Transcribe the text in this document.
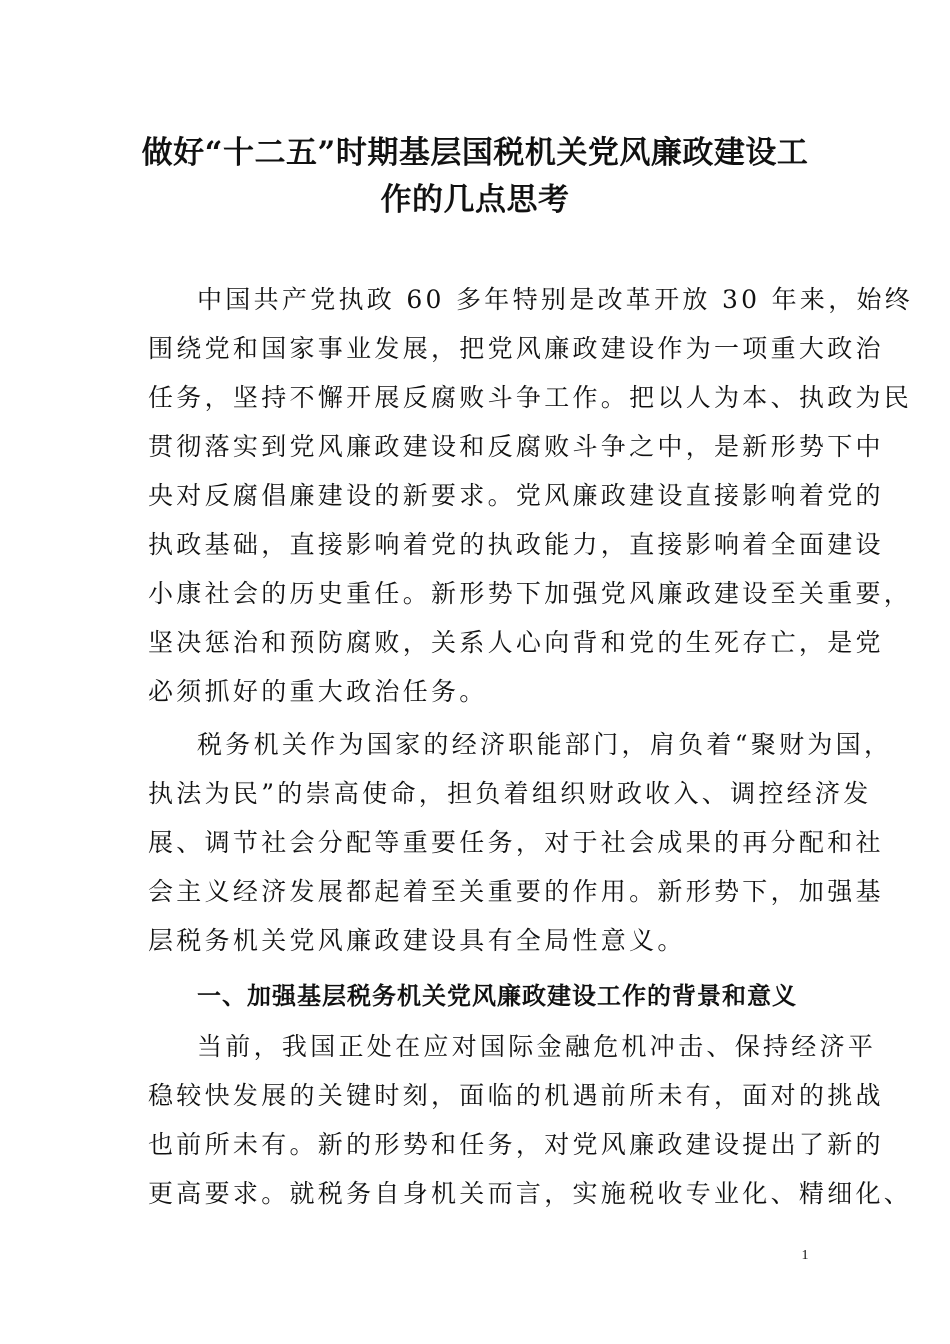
做好“十二五”时期基层国税机关党风廉政建设工
作的几点思考
中国共产党执政 60 多年特别是改革开放 30 年来，始终
围绕党和国家事业发展，把党风廉政建设作为一项重大政治
任务，坚持不懈开展反腐败斗争工作。把以人为本、执政为民
贯彻落实到党风廉政建设和反腐败斗争之中，是新形势下中
央对反腐倡廉建设的新要求。党风廉政建设直接影响着党的
执政基础，直接影响着党的执政能力，直接影响着全面建设
小康社会的历史重任。新形势下加强党风廉政建设至关重要，
坚决惩治和预防腐败，关系人心向背和党的生死存亡，是党
必须抓好的重大政治任务。
税务机关作为国家的经济职能部门，肩负着“聚财为国，
执法为民”的崇高使命，担负着组织财政收入、调控经济发
展、调节社会分配等重要任务，对于社会成果的再分配和社
会主义经济发展都起着至关重要的作用。新形势下，加强基
层税务机关党风廉政建设具有全局性意义。
一、加强基层税务机关党风廉政建设工作的背景和意义
当前，我国正处在应对国际金融危机冲击、保持经济平
稳较快发展的关键时刻，面临的机遇前所未有，面对的挑战
也前所未有。新的形势和任务，对党风廉政建设提出了新的
更高要求。就税务自身机关而言，实施税收专业化、精细化、
1
